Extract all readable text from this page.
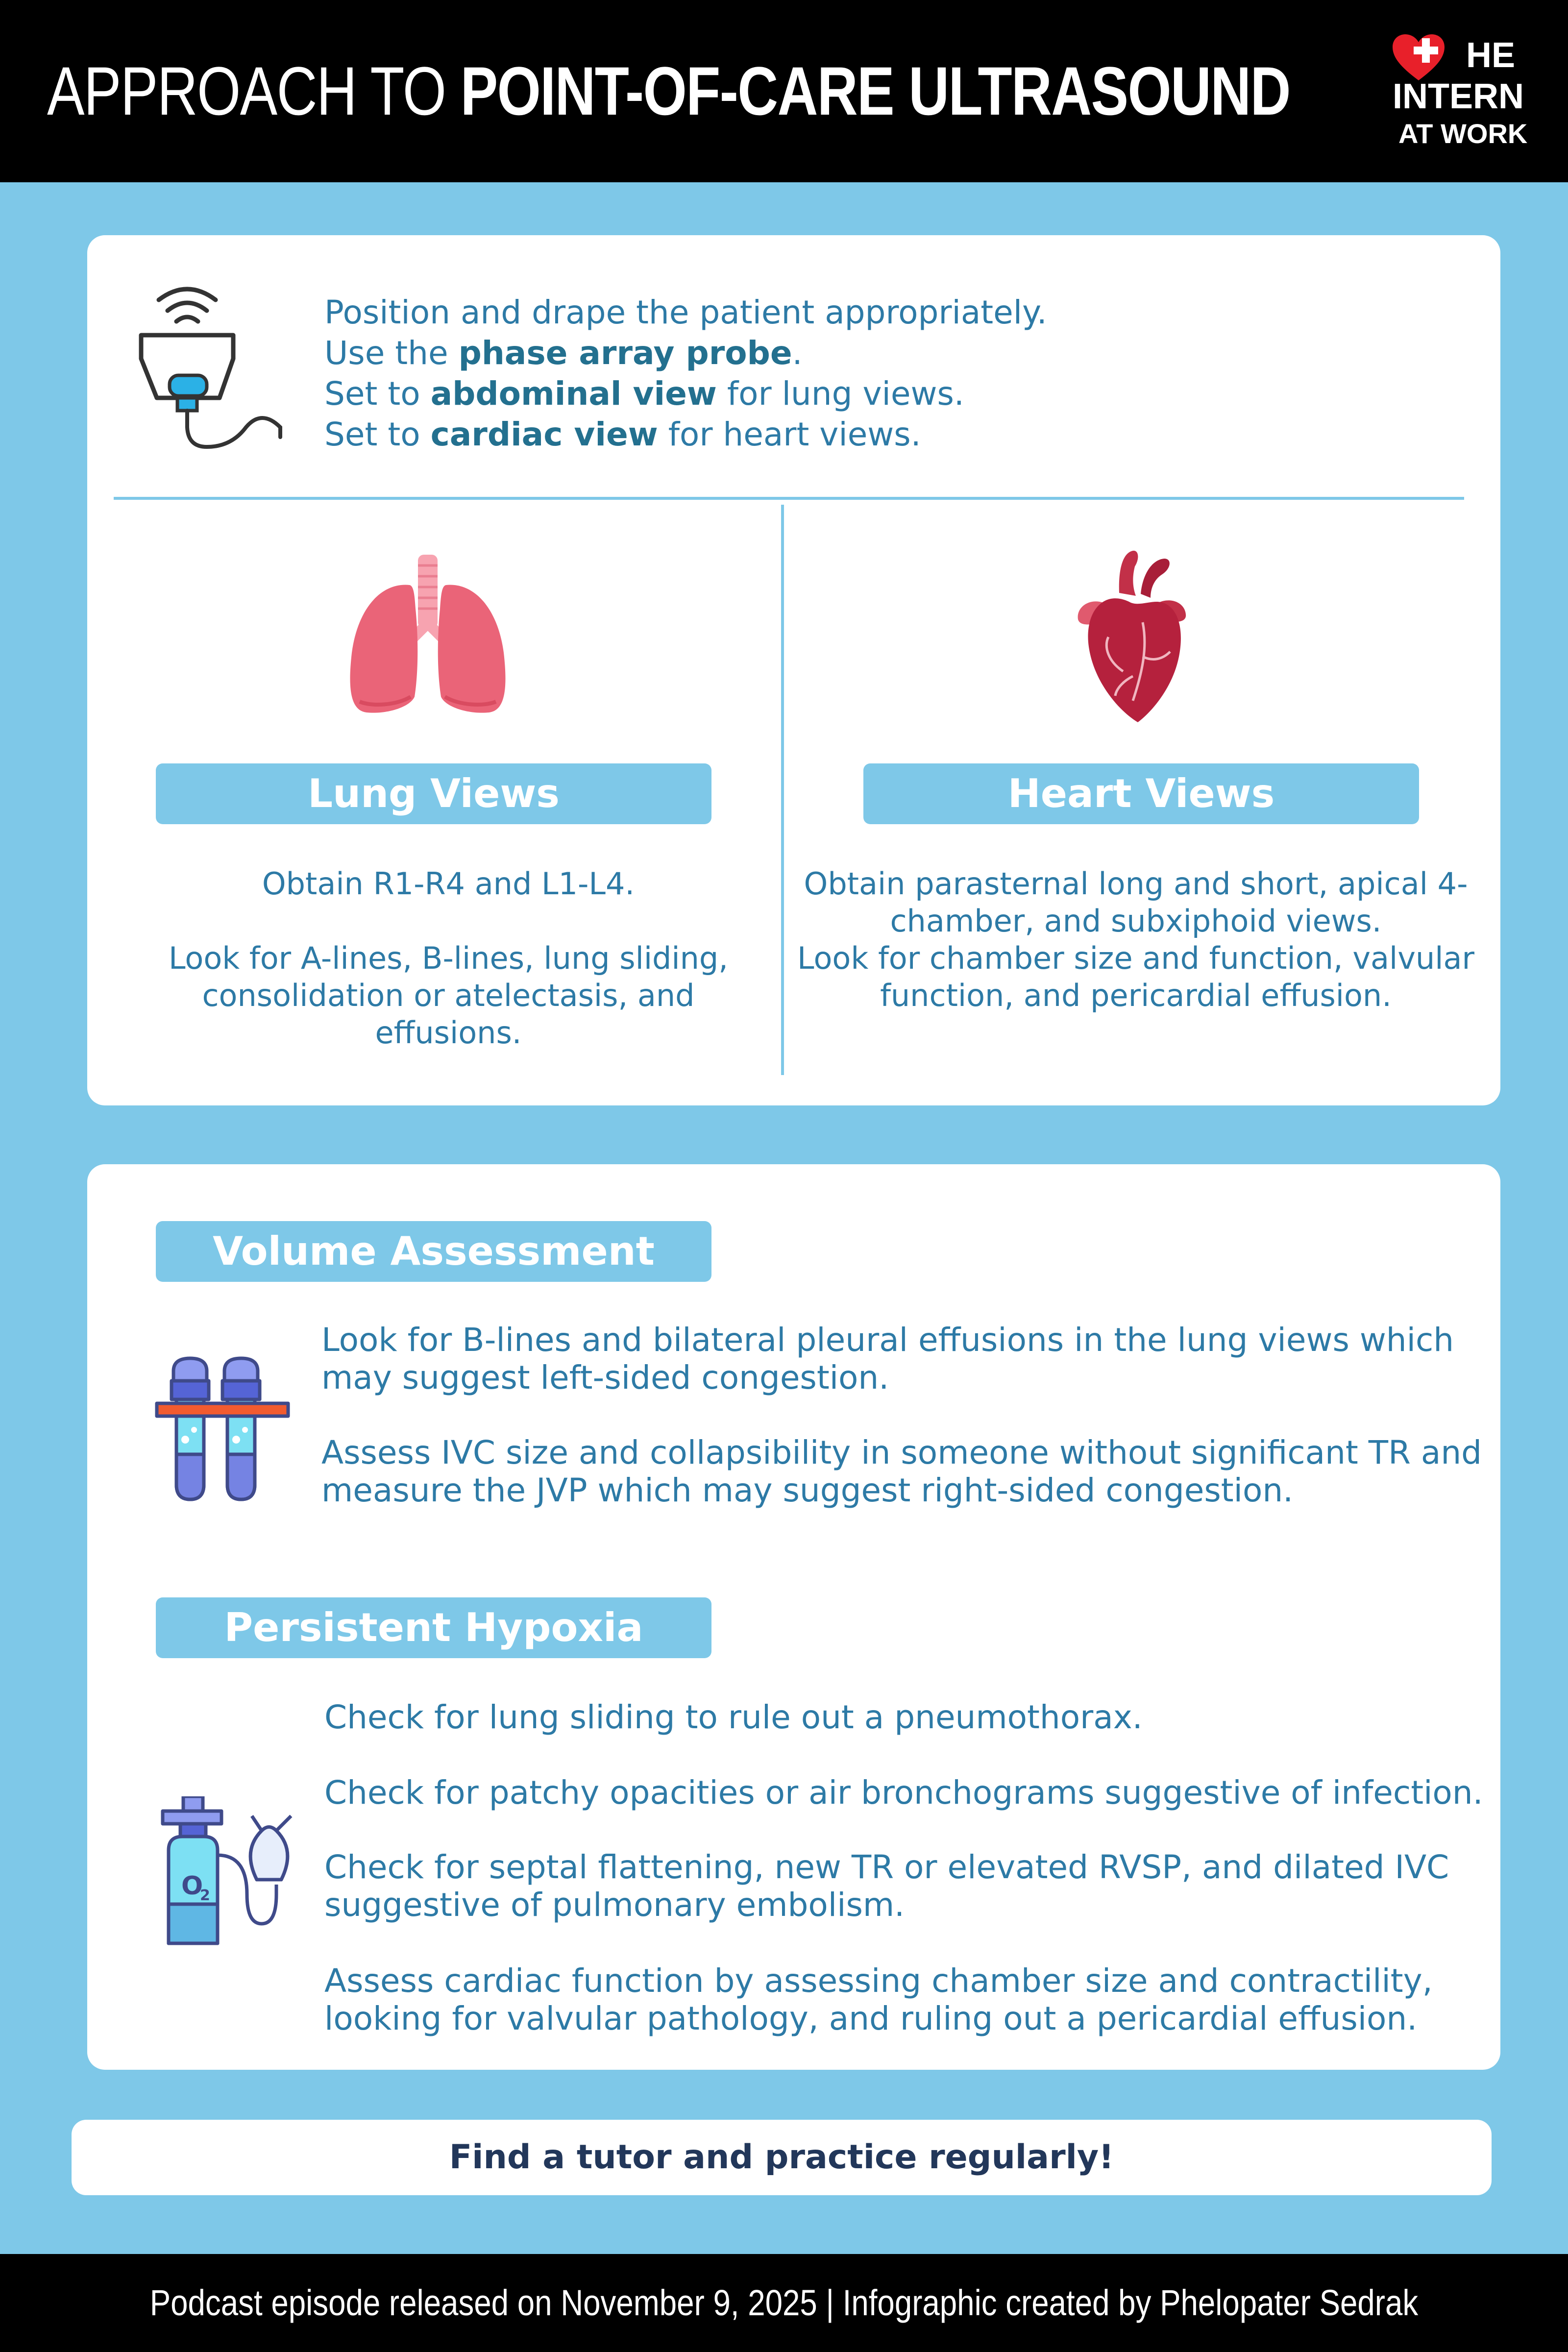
APPROACH TO POINT-OF-CARE ULTRASOUND	HE
INTERN
AT WORK
Position and drape the patient appropriately.
Use the phase array probe.
Set to abdominal view for lung views.
Set to cardiac view for heart views.
Lung Views	Heart Views
Obtain R1-R4 and L1-L4.
Look for A-lines, B-lines, lung sliding, consolidation or atelectasis, and effusions.
Obtain parasternal long and short, apical 4-chamber, and subxiphoid views.
Look for chamber size and function, valvular function, and pericardial effusion.
Volume Assessment
Look for B-lines and bilateral pleural effusions in the lung views which
may suggest left-sided congestion.
Assess IVC size and collapsibility in someone without significant TR and
measure the JVP which may suggest right-sided congestion.
Persistent Hypoxia
O
2
Check for lung sliding to rule out a pneumothorax.
Check for patchy opacities or air bronchograms suggestive of infection.
Check for septal flattening, new TR or elevated RVSP, and dilated IVC
suggestive of pulmonary embolism.
Assess cardiac function by assessing chamber size and contractility,
looking for valvular pathology, and ruling out a pericardial effusion.
Find a tutor and practice regularly!
Podcast episode released on November 9, 2025 | Infographic created by Phelopater Sedrak
